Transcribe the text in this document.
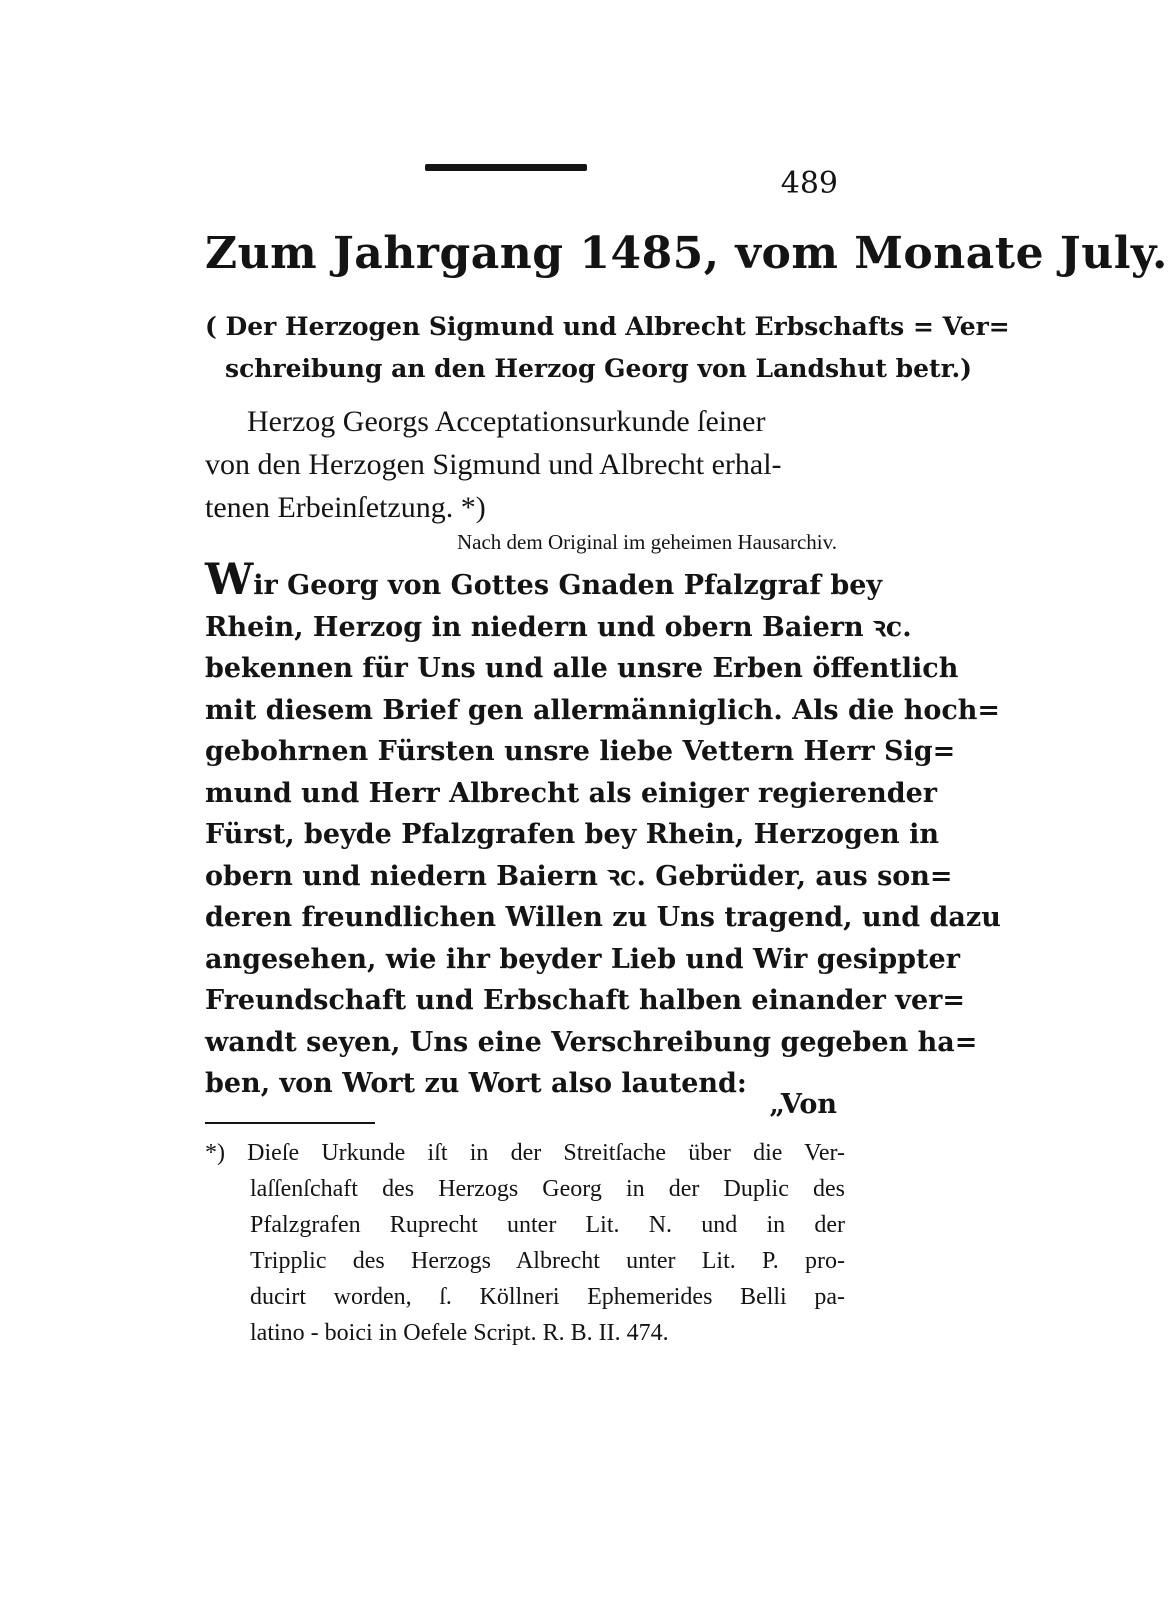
489
Zum Jahrgang 1485, vom Monate July.
( Der Herzogen Sigmund und Albrecht Erbschafts = Ver=
schreibung an den Herzog Georg von Landshut betr.)
Herzog Georgs Acceptationsurkunde ſeiner
von den Herzogen Sigmund und Albrecht erhal-
tenen Erbeinſetzung. *)
Nach dem Original im geheimen Hausarchiv.
Wir Georg von Gottes Gnaden Pfalzgraf bey
Rhein, Herzog in niedern und obern Baiern ꝛc.
bekennen für Uns und alle unsre Erben öffentlich
mit diesem Brief gen allermänniglich. Als die hoch=
gebohrnen Fürsten unsre liebe Vettern Herr Sig=
mund und Herr Albrecht als einiger regierender
Fürst, beyde Pfalzgrafen bey Rhein, Herzogen in
obern und niedern Baiern ꝛc. Gebrüder, aus son=
deren freundlichen Willen zu Uns tragend, und dazu
angesehen, wie ihr beyder Lieb und Wir gesippter
Freundschaft und Erbschaft halben einander ver=
wandt seyen, Uns eine Verschreibung gegeben ha=
ben, von Wort zu Wort also lautend:
„Von
*) Dieſe Urkunde iſt in der Streitſache über die Ver-
laſſenſchaft des Herzogs Georg in der Duplic des
Pfalzgrafen Ruprecht unter Lit. N. und in der
Tripplic des Herzogs Albrecht unter Lit. P. pro-
ducirt worden, ſ. Köllneri Ephemerides Belli pa-
latino - boici in Oefele Script. R. B. II. 474.
